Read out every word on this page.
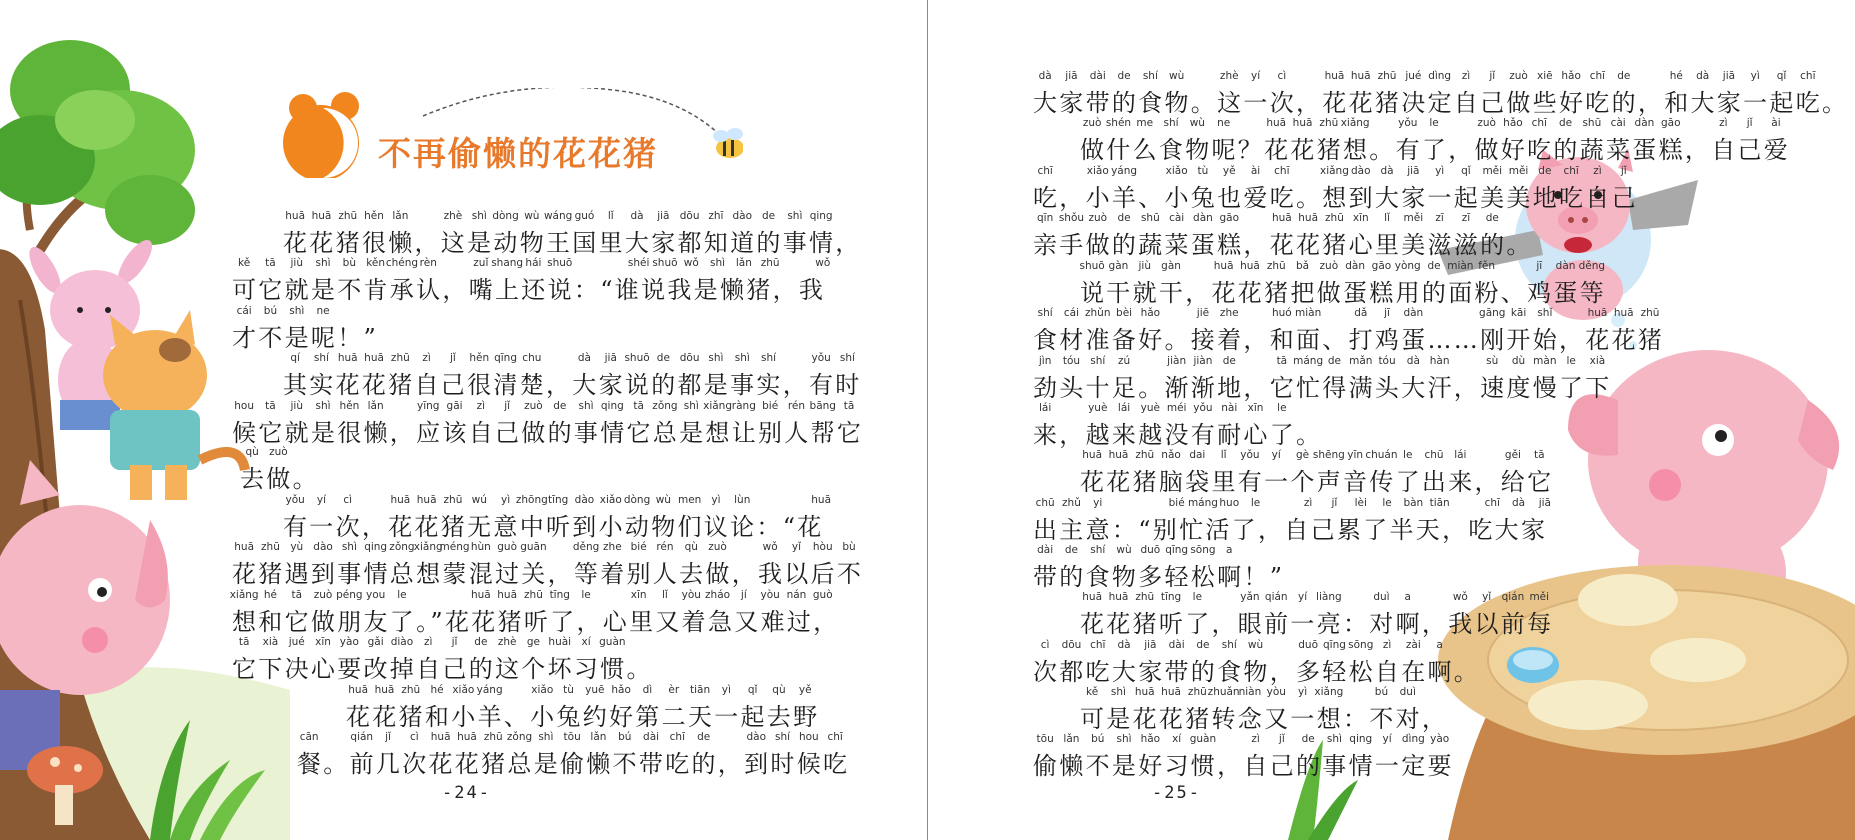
不再偷懒的花花猪
huā huā zhū hěn lǎn	zhè shì dòng wù wáng guó lǐ dà jiā dōu zhī dào de shì qing
花花猪很懒，这是动物王国里大家都知道的事情，
kě tā jiù shì bù kěn chéng rèn	zuǐ shang hái shuō	shéi shuō wǒ shì lǎn zhū	wǒ
可它就是不肯承认，嘴上还说：“谁说我是懒猪，我
cái bú shì ne
才不是呢！”
qí shí huā huā zhū zì jǐ hěn qīng chu	dà jiā shuō de dōu shì shì shí	yǒu shí
其实花花猪自己很清楚，大家说的都是事实，有时
hou tā jiù shì hěn lǎn	yīng gāi zì jǐ zuò de shì qing tā zǒng shì xiǎng ràng bié rén bāng tā
候它就是很懒，应该自己做的事情它总是想让别人帮它
qù zuò
去做。
yǒu yí cì	huā huā zhū wú yì zhōng tīng dào xiǎo dòng wù men yì lùn	huā
有一次，花花猪无意中听到小动物们议论：“花
huā zhū yù dào shì qing zǒng xiǎng
méng hùn guò guān děng zhe bié rén qù zuò	wǒ yǐ hòu bù
花猪遇到事情总想蒙混过关，等着别人去做，我以后不
xiǎng hé tā zuò péng you le	huā huā zhū tīng le	xīn lǐ yòu zháo jí yòu nán guò
想和它做朋友了。”花花猪听了，心里又着急又难过，
tā xià jué xīn yào gǎi diào zì jǐ de zhè ge huài xí guàn
它下决心要改掉自己的这个坏习惯。
huā huā zhū hé xiǎo yáng	xiǎo tù yuē hǎo dì èr tiān yì qǐ qù yě
花花猪和小羊、小兔约好第二天一起去野
cān	qián jǐ cì huā huā zhū zǒng shì tōu lǎn bú dài chī de	dào shí hou chī
餐。前几次花花猪总是偷懒不带吃的，到时候吃
-24-
dà jiā dài de shí wù	zhè yí cì	huā huā zhū jué dìng zì jǐ zuò xiē hǎo chī de	hé dà jiā yì qǐ chī
大家带的食物。这一次，花花猪决定自己做些好吃的，和大家一起吃。
zuò shén me shí wù ne	huā huā zhū xiǎng	yǒu le	zuò hǎo chī de shū cài dàn gāo	zì jǐ ài
做什么食物呢？花花猪想。有了，做好吃的蔬菜蛋糕，自己爱
chī	xiǎo yáng	xiǎo tù yě ài chī	xiǎng dào dà jiā yì qǐ měi měi de chī zì jǐ
吃，小羊、小兔也爱吃。想到大家一起美美地吃自己
qīn shǒu zuò de shū cài dàn gāo	huā huā zhū xīn lǐ měi zī zī de
亲手做的蔬菜蛋糕，花花猪心里美滋滋的。
shuō gàn jiù gàn	huā huā zhū bǎ zuò dàn gāo yòng de miàn fěn	jī dàn děng
说干就干，花花猪把做蛋糕用的面粉、鸡蛋等
shí cái zhǔn bèi hǎo	jiē zhe	huó miàn	dǎ jī dàn	gāng kāi shǐ	huā huā zhū
食材准备好。接着，和面、打鸡蛋……刚开始，花花猪
jìn tóu shí zú	jiàn jiàn de	tā máng de mǎn tóu dà hàn	sù dù màn le xià
劲头十足。渐渐地，它忙得满头大汗，速度慢了下
lái	yuè lái yuè méi yǒu nài xīn le
来，越来越没有耐心了。
huā huā zhū nǎo dai lǐ yǒu yí gè shēng yīn chuán le chū lái	gěi tā
花花猪脑袋里有一个声音传了出来，给它
chū zhǔ yi	bié máng huo le	zì jǐ lèi le bàn tiān	chī dà jiā
出主意：“别忙活了，自己累了半天，吃大家
dài de shí wù duō qīng sōng a
带的食物多轻松啊！”
huā huā zhū tīng le	yǎn qián yí liàng	duì a	wǒ yǐ qián měi
花花猪听了，眼前一亮：对啊，我以前每
cì dōu chī dà jiā dài de shí wù	duō qīng sōng zì zài a
次都吃大家带的食物，多轻松自在啊。
kě shì huā huā zhū zhuǎn niàn yòu yì xiǎng	bú duì
可是花花猪转念又一想：不对，
tōu lǎn bú shì hǎo xí guàn	zì jǐ de shì qing yí dìng yào
偷懒不是好习惯，自己的事情一定要
-25-
